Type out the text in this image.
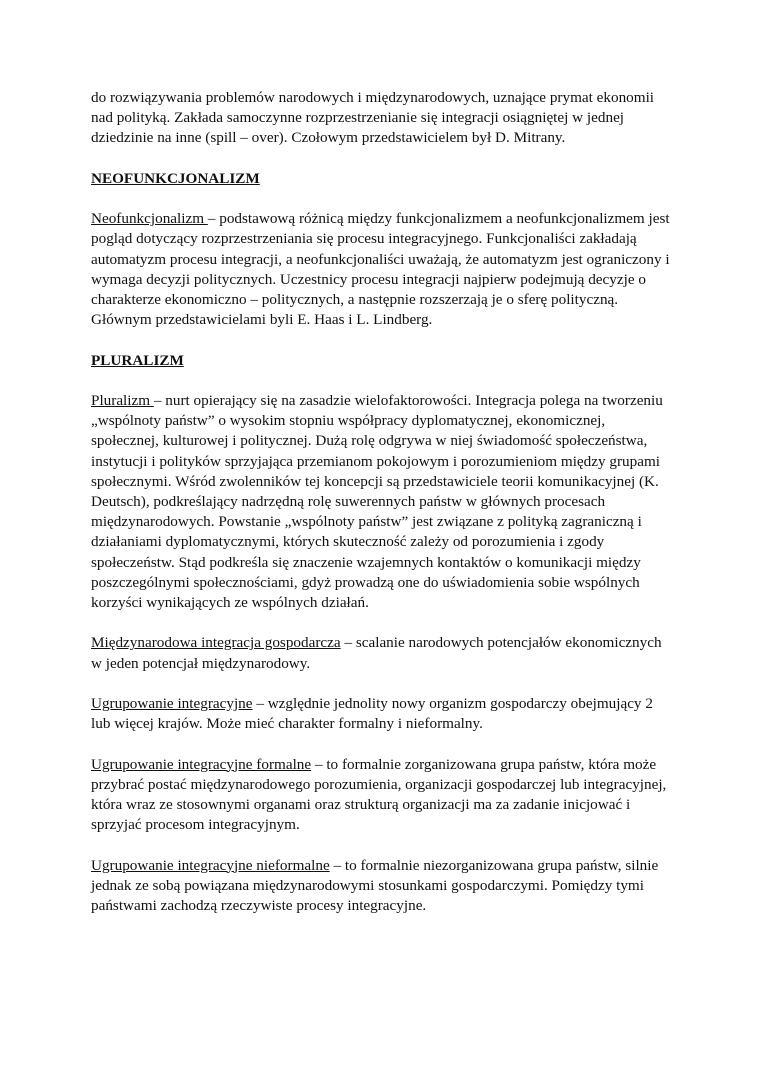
do rozwiązywania problemów narodowych i międzynarodowych, uznające prymat ekonomii nad polityką. Zakłada samoczynne rozprzestrzenianie się integracji osiągniętej w jednej dziedzinie na inne (spill – over). Czołowym przedstawicielem był D. Mitrany.

NEOFUNKCJONALIZM

Neofunkcjonalizm – podstawową różnicą między funkcjonalizmem a neofunkcjonalizmem jest pogląd dotyczący rozprzestrzeniania się procesu integracyjnego. Funkcjonaliści zakładają automatyzm procesu integracji, a neofunkcjonaliści uważają, że automatyzm jest ograniczony i wymaga decyzji politycznych. Uczestnicy procesu integracji najpierw podejmują decyzje o charakterze ekonomiczno – politycznych, a następnie rozszerzają je o sferę polityczną. Głównym przedstawicielami byli E. Haas i L. Lindberg.

PLURALIZM

Pluralizm – nurt opierający się na zasadzie wielofaktorowości. Integracja polega na tworzeniu „wspólnoty państw” o wysokim stopniu współpracy dyplomatycznej, ekonomicznej, społecznej, kulturowej i politycznej. Dużą rolę odgrywa w niej świadomość społeczeństwa, instytucji i polityków sprzyjająca przemianom pokojowym i porozumieniom między grupami społecznymi. Wśród zwolenników tej koncepcji są przedstawiciele teorii komunikacyjnej (K. Deutsch), podkreślający nadrzędną rolę suwerennych państw w głównych procesach międzynarodowych. Powstanie „wspólnoty państw” jest związane z polityką zagraniczną i działaniami dyplomatycznymi, których skuteczność zależy od porozumienia i zgody społeczeństw. Stąd podkreśla się znaczenie wzajemnych kontaktów o komunikacji między poszczególnymi społecznościami, gdyż prowadzą one do uświadomienia sobie wspólnych korzyści wynikających ze wspólnych działań.

Międzynarodowa integracja gospodarcza – scalanie narodowych potencjałów ekonomicznych w jeden potencjał międzynarodowy.

Ugrupowanie integracyjne – względnie jednolity nowy organizm gospodarczy obejmujący 2 lub więcej krajów. Może mieć charakter formalny i nieformalny.

Ugrupowanie integracyjne formalne – to formalnie zorganizowana grupa państw, która może przybrać postać międzynarodowego porozumienia, organizacji gospodarczej lub integracyjnej, która wraz ze stosownymi organami oraz strukturą organizacji ma za zadanie inicjować i sprzyjać procesom integracyjnym.

Ugrupowanie integracyjne nieformalne – to formalnie niezorganizowana grupa państw, silnie jednak ze sobą powiązana międzynarodowymi stosunkami gospodarczymi. Pomiędzy tymi państwami zachodzą rzeczywiste procesy integracyjne.
